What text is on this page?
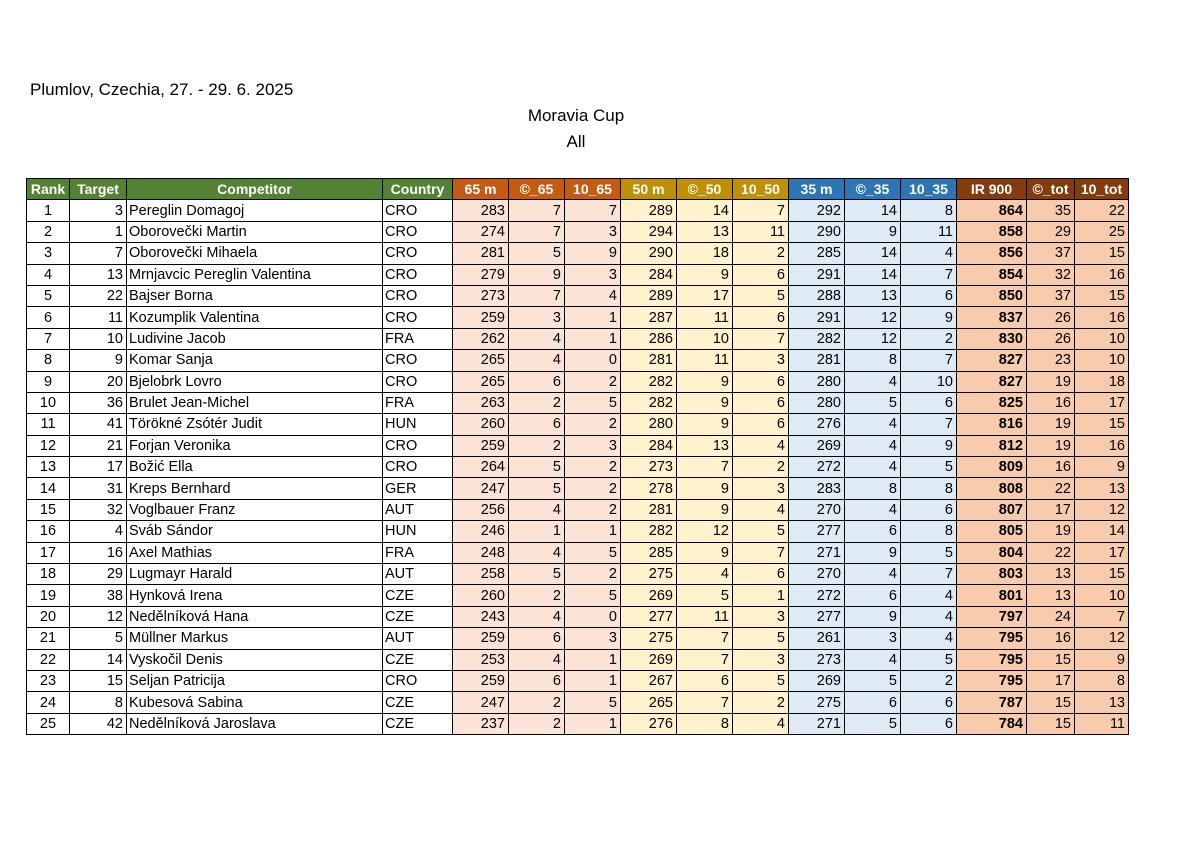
Plumlov, Czechia, 27. - 29. 6. 2025
Moravia Cup
All
Rank	Target	Competitor	Country	65 m	©_65	10_65	50 m	©_50	10_50	35 m	©_35	10_35	IR 900	©_tot	10_tot
1	3	Pereglin Domagoj	CRO	283	7	7	289	14	7	292	14	8	864	35	22
2	1	Oborovečki Martin	CRO	274	7	3	294	13	11	290	9	11	858	29	25
3	7	Oborovečki Mihaela	CRO	281	5	9	290	18	2	285	14	4	856	37	15
4	13	Mrnjavcic Pereglin Valentina	CRO	279	9	3	284	9	6	291	14	7	854	32	16
5	22	Bajser Borna	CRO	273	7	4	289	17	5	288	13	6	850	37	15
6	11	Kozumplik Valentina	CRO	259	3	1	287	11	6	291	12	9	837	26	16
7	10	Ludivine Jacob	FRA	262	4	1	286	10	7	282	12	2	830	26	10
8	9	Komar Sanja	CRO	265	4	0	281	11	3	281	8	7	827	23	10
9	20	Bjelobrk Lovro	CRO	265	6	2	282	9	6	280	4	10	827	19	18
10	36	Brulet Jean-Michel	FRA	263	2	5	282	9	6	280	5	6	825	16	17
11	41	Törökné Zsótér Judit	HUN	260	6	2	280	9	6	276	4	7	816	19	15
12	21	Forjan Veronika	CRO	259	2	3	284	13	4	269	4	9	812	19	16
13	17	Božić Ella	CRO	264	5	2	273	7	2	272	4	5	809	16	9
14	31	Kreps Bernhard	GER	247	5	2	278	9	3	283	8	8	808	22	13
15	32	Voglbauer Franz	AUT	256	4	2	281	9	4	270	4	6	807	17	12
16	4	Sváb Sándor	HUN	246	1	1	282	12	5	277	6	8	805	19	14
17	16	Axel Mathias	FRA	248	4	5	285	9	7	271	9	5	804	22	17
18	29	Lugmayr Harald	AUT	258	5	2	275	4	6	270	4	7	803	13	15
19	38	Hynková Irena	CZE	260	2	5	269	5	1	272	6	4	801	13	10
20	12	Nedělníková Hana	CZE	243	4	0	277	11	3	277	9	4	797	24	7
21	5	Müllner Markus	AUT	259	6	3	275	7	5	261	3	4	795	16	12
22	14	Vyskočil Denis	CZE	253	4	1	269	7	3	273	4	5	795	15	9
23	15	Seljan Patricija	CRO	259	6	1	267	6	5	269	5	2	795	17	8
24	8	Kubesová Sabina	CZE	247	2	5	265	7	2	275	6	6	787	15	13
25	42	Nedělníková Jaroslava	CZE	237	2	1	276	8	4	271	5	6	784	15	11
